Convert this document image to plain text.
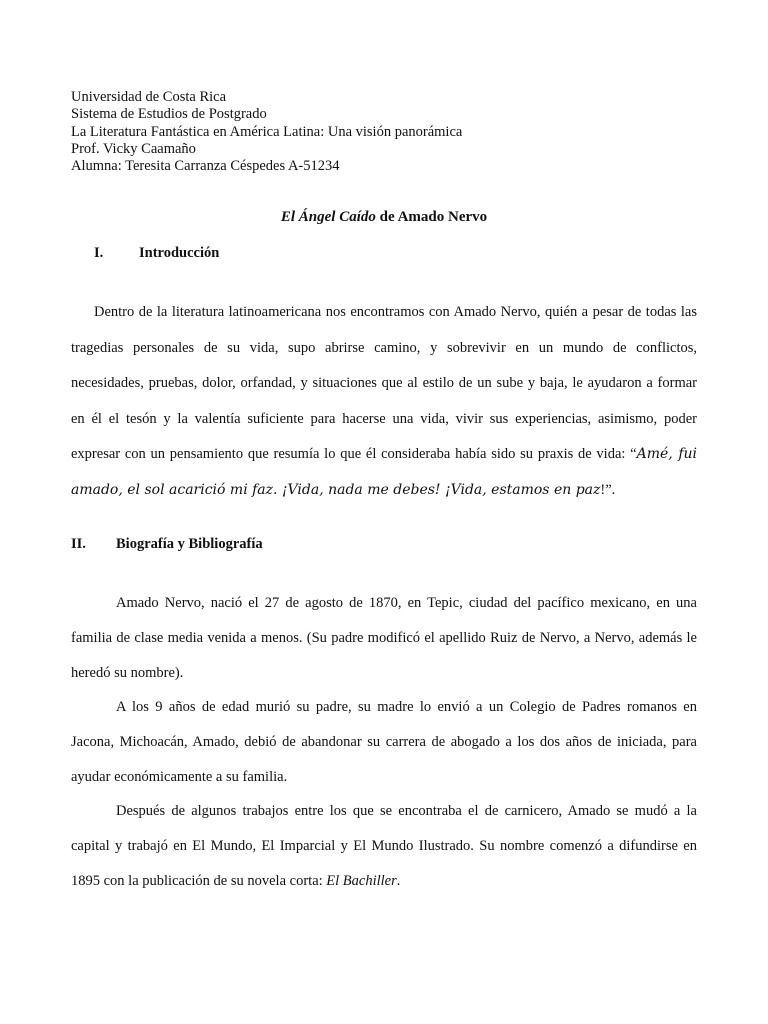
Universidad de Costa Rica
Sistema de Estudios de Postgrado
La Literatura Fantástica en América Latina: Una visión panorámica
Prof. Vicky Caamaño
Alumna: Teresita Carranza Céspedes A-51234
El Ángel Caído de Amado Nervo
I. Introducción
Dentro de la literatura latinoamericana nos encontramos con Amado Nervo, quién a pesar de todas las
tragedias personales de su vida, supo abrirse camino, y sobrevivir en un mundo de conflictos,
necesidades, pruebas, dolor, orfandad, y situaciones que al estilo de un sube y baja, le ayudaron a formar
en él el tesón y la valentía suficiente para hacerse una vida, vivir sus experiencias, asimismo, poder
expresar con un pensamiento que resumía lo que él consideraba había sido su praxis de vida: “Amé, fui
amado, el sol acarició mi faz. ¡Vida, nada me debes! ¡Vida, estamos en paz!”.
II. Biografía y Bibliografía
Amado Nervo, nació el 27 de agosto de 1870, en Tepic, ciudad del pacífico mexicano, en una
familia de clase media venida a menos. (Su padre modificó el apellido Ruiz de Nervo, a Nervo, además le
heredó su nombre).
A los 9 años de edad murió su padre, su madre lo envió a un Colegio de Padres romanos en
Jacona, Michoacán, Amado, debió de abandonar su carrera de abogado a los dos años de iniciada, para
ayudar económicamente a su familia.
Después de algunos trabajos entre los que se encontraba el de carnicero, Amado se mudó a la
capital y trabajó en El Mundo, El Imparcial y El Mundo Ilustrado. Su nombre comenzó a difundirse en
1895 con la publicación de su novela corta: El Bachiller.
